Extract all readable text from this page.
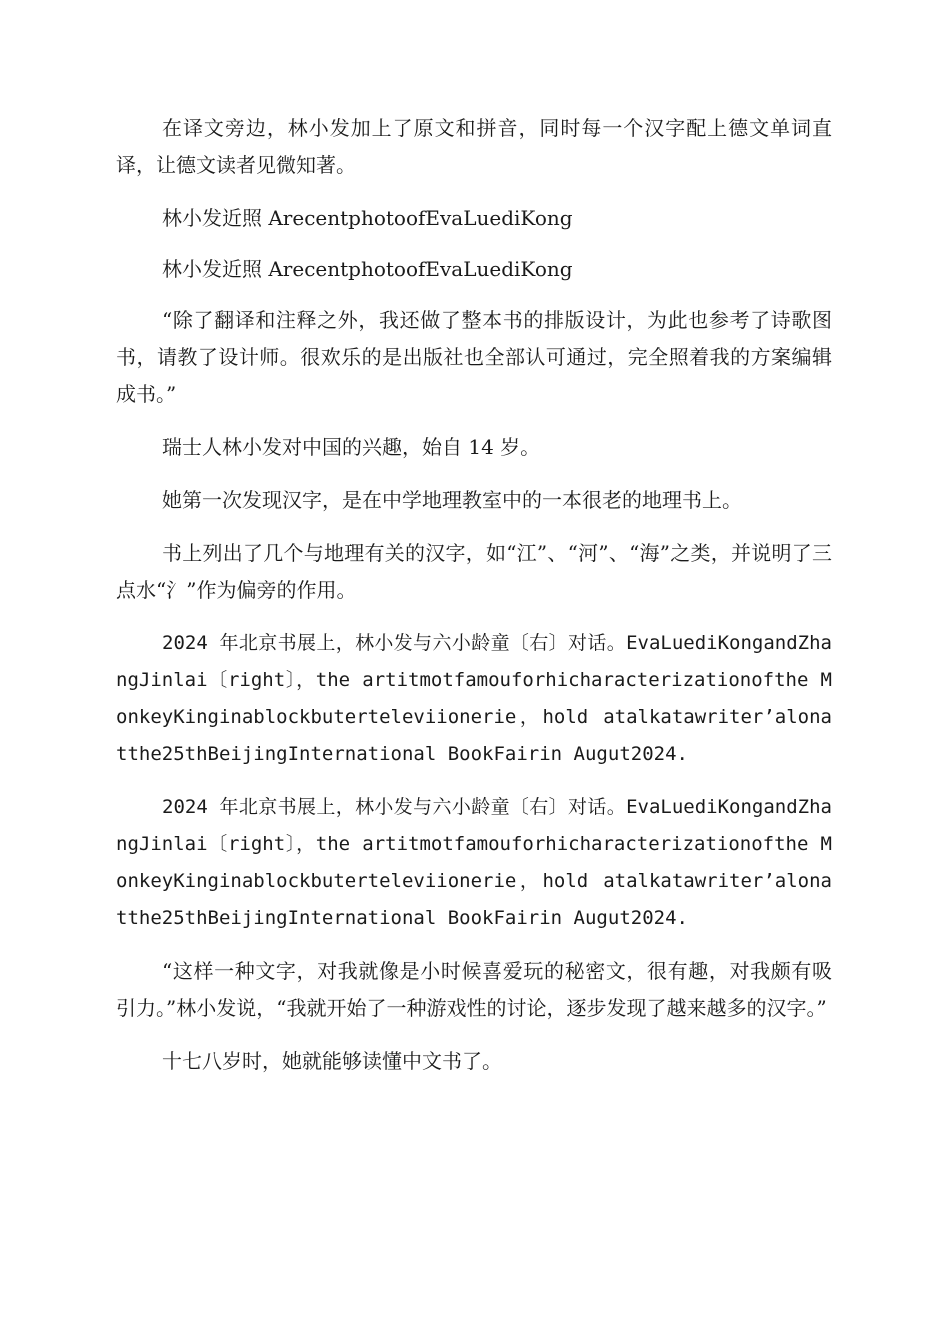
在译文旁边，林小发加上了原文和拼音，同时每一个汉字配上德文单词直译，让德文读者见微知著。

林小发近照 ArecentphotoofEvaLuediKong

林小发近照 ArecentphotoofEvaLuediKong

“除了翻译和注释之外，我还做了整本书的排版设计，为此也参考了诗歌图书，请教了设计师。很欢乐的是出版社也全部认可通过，完全照着我的方案编辑成书。”

瑞士人林小发对中国的兴趣，始自 14 岁。

她第一次发现汉字，是在中学地理教室中的一本很老的地理书上。

书上列出了几个与地理有关的汉字，如“江”、“河”、“海”之类，并说明了三点水“氵”作为偏旁的作用。

2024 年北京书展上，林小发与六小龄童〔右〕对话。EvaLuediKongandZhangJinlai〔right〕，the artitmotfamouforhicharacterizationofthe MonkeyKinginablockbuterteleviionerie，hold atalkatawriter’alonatthe25thBeijingInternational BookFairin Augut2024.

2024 年北京书展上，林小发与六小龄童〔右〕对话。EvaLuediKongandZhangJinlai〔right〕，the artitmotfamouforhicharacterizationofthe MonkeyKinginablockbuterteleviionerie，hold atalkatawriter’alonatthe25thBeijingInternational BookFairin Augut2024.

“这样一种文字，对我就像是小时候喜爱玩的秘密文，很有趣，对我颇有吸引力。”林小发说，“我就开始了一种游戏性的讨论，逐步发现了越来越多的汉字。”

十七八岁时，她就能够读懂中文书了。
